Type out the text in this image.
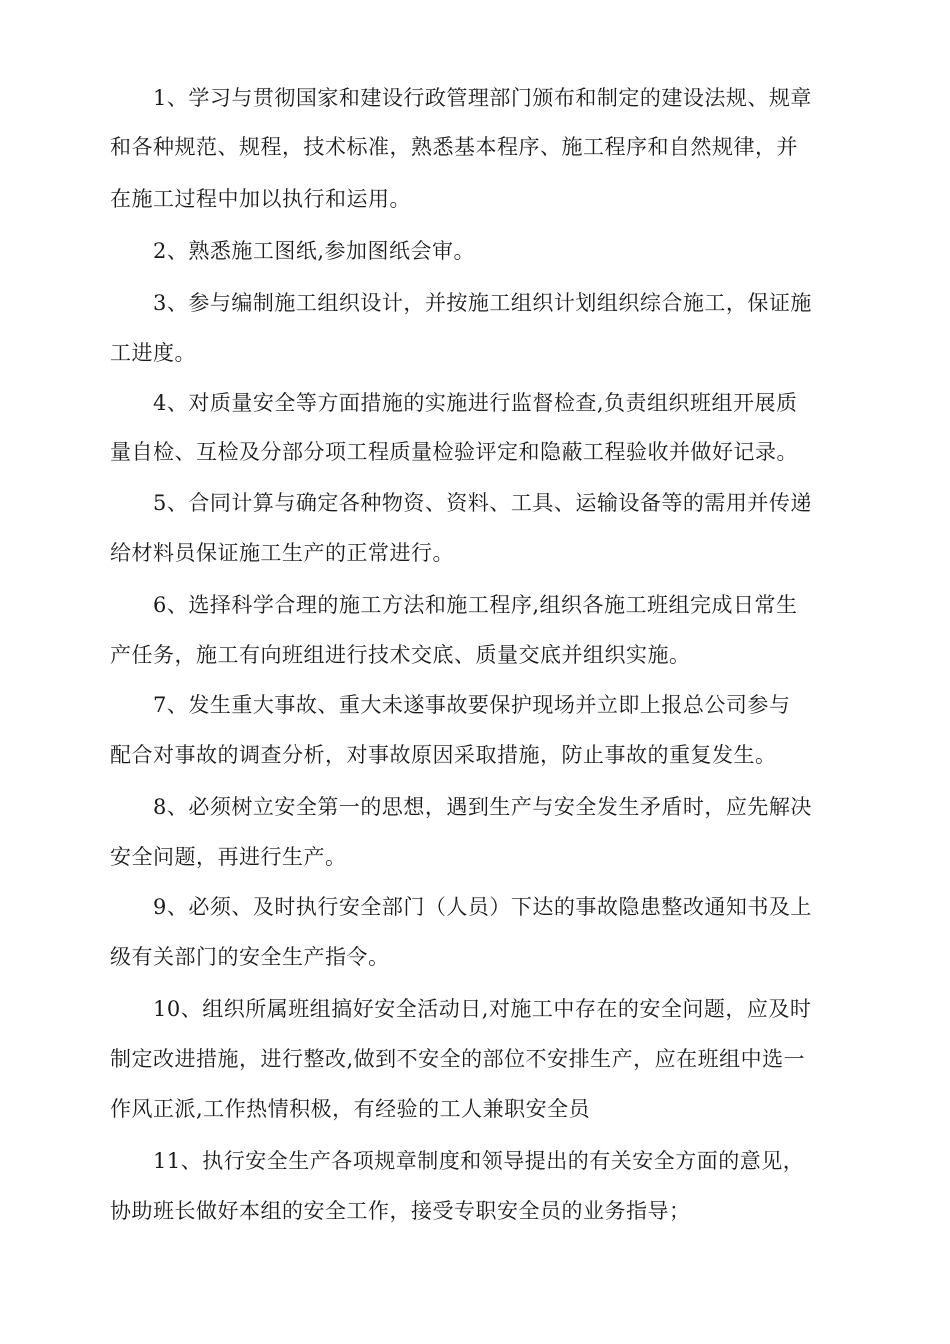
1、学习与贯彻国家和建设行政管理部门颁布和制定的建设法规、规章

和各种规范、规程，技术标准，熟悉基本程序、施工程序和自然规律，并

在施工过程中加以执行和运用。

2、熟悉施工图纸,参加图纸会审。

3、参与编制施工组织设计，并按施工组织计划组织综合施工，保证施

工进度。

4、对质量安全等方面措施的实施进行监督检查,负责组织班组开展质

量自检、互检及分部分项工程质量检验评定和隐蔽工程验收并做好记录。

5、合同计算与确定各种物资、资料、工具、运输设备等的需用并传递

给材料员保证施工生产的正常进行。

6、选择科学合理的施工方法和施工程序,组织各施工班组完成日常生

产任务，施工有向班组进行技术交底、质量交底并组织实施。

7、发生重大事故、重大未遂事故要保护现场并立即上报总公司参与

配合对事故的调查分析，对事故原因采取措施，防止事故的重复发生。

8、必须树立安全第一的思想，遇到生产与安全发生矛盾时，应先解决

安全问题，再进行生产。

9、必须、及时执行安全部门（人员）下达的事故隐患整改通知书及上

级有关部门的安全生产指令。

10、组织所属班组搞好安全活动日,对施工中存在的安全问题，应及时

制定改进措施，进行整改,做到不安全的部位不安排生产，应在班组中选一

作风正派,工作热情积极，有经验的工人兼职安全员

11、执行安全生产各项规章制度和领导提出的有关安全方面的意见，

协助班长做好本组的安全工作，接受专职安全员的业务指导；
